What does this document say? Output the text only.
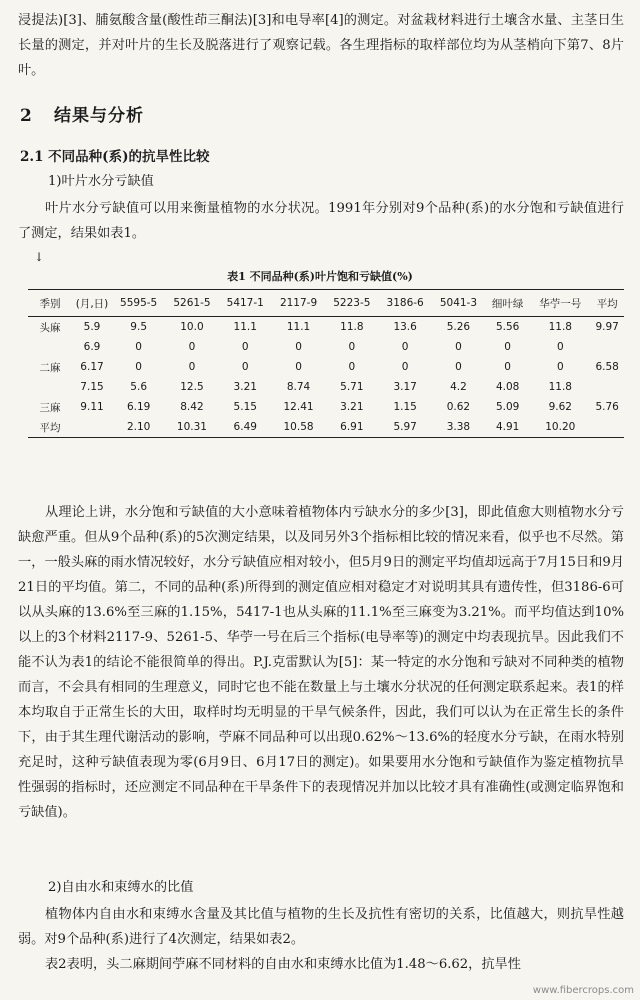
浸提法)[3]、脯氨酸含量(酸性茚三酮法)[3]和电导率[4]的测定。对盆栽材料进行土壤含水量、主茎日生长量的测定，并对叶片的生长及脱落进行了观察记载。各生理指标的取样部位均为从茎梢向下第7、8片叶。

2 结果与分析
2.1 不同品种(系)的抗旱性比较

1)叶片水分亏缺值

叶片水分亏缺值可以用来衡量植物的水分状况。1991年分别对9个品种(系)的水分饱和亏缺值进行了测定，结果如表1。

↓

表1 不同品种(系)叶片饱和亏缺值(%)

季别	(月,日)	5595-5	5261-5	5417-1	2117-9	5223-5	3186-6	5041-3	细叶绿	华苧一号	平均
头麻	5.9	9.5	10.0	11.1	11.1	11.8	13.6	5.26	5.56	11.8	9.97
	6.9	0	0	0	0	0	0	0	0	0	
二麻	6.17	0	0	0	0	0	0	0	0	0	6.58
	7.15	5.6	12.5	3.21	8.74	5.71	3.17	4.2	4.08	11.8	
三麻	9.11	6.19	8.42	5.15	12.41	3.21	1.15	0.62	5.09	9.62	5.76
平均		2.10	10.31	6.49	10.58	6.91	5.97	3.38	4.91	10.20	

从理论上讲，水分饱和亏缺值的大小意味着植物体内亏缺水分的多少[3]，即此值愈大则植物水分亏缺愈严重。但从9个品种(系)的5次测定结果，以及同另外3个指标相比较的情况来看，似乎也不尽然。第一，一般头麻的雨水情况较好，水分亏缺值应相对较小，但5月9日的测定平均值却远高于7月15日和9月21日的平均值。第二，不同的品种(系)所得到的测定值应相对稳定才对说明其具有遗传性，但3186-6可以从头麻的13.6%至三麻的1.15%，5417-1也从头麻的11.1%至三麻变为3.21%。而平均值达到10%以上的3个材料2117-9、5261-5、华苧一号在后三个指标(电导率等)的测定中均表现抗旱。因此我们不能不认为表1的结论不能很简单的得出。P.J.克雷默认为[5]：某一特定的水分饱和亏缺对不同种类的植物而言，不会具有相同的生理意义，同时它也不能在数量上与土壤水分状况的任何测定联系起来。表1的样本均取自于正常生长的大田，取样时均无明显的干旱气候条件，因此，我们可以认为在正常生长的条件下，由于其生理代谢活动的影响，苧麻不同品种可以出现0.62%～13.6%的轻度水分亏缺，在雨水特别充足时，这种亏缺值表现为零(6月9日、6月17日的测定)。如果要用水分饱和亏缺值作为鉴定植物抗旱性强弱的指标时，还应测定不同品种在干旱条件下的表现情况并加以比较才具有准确性(或测定临界饱和亏缺值)。

2)自由水和束缚水的比值

植物体内自由水和束缚水含量及其比值与植物的生长及抗性有密切的关系，比值越大，则抗旱性越弱。对9个品种(系)进行了4次测定，结果如表2。

表2表明，头二麻期间苧麻不同材料的自由水和束缚水比值为1.48～6.62，抗旱性

www.fibercrops.com
